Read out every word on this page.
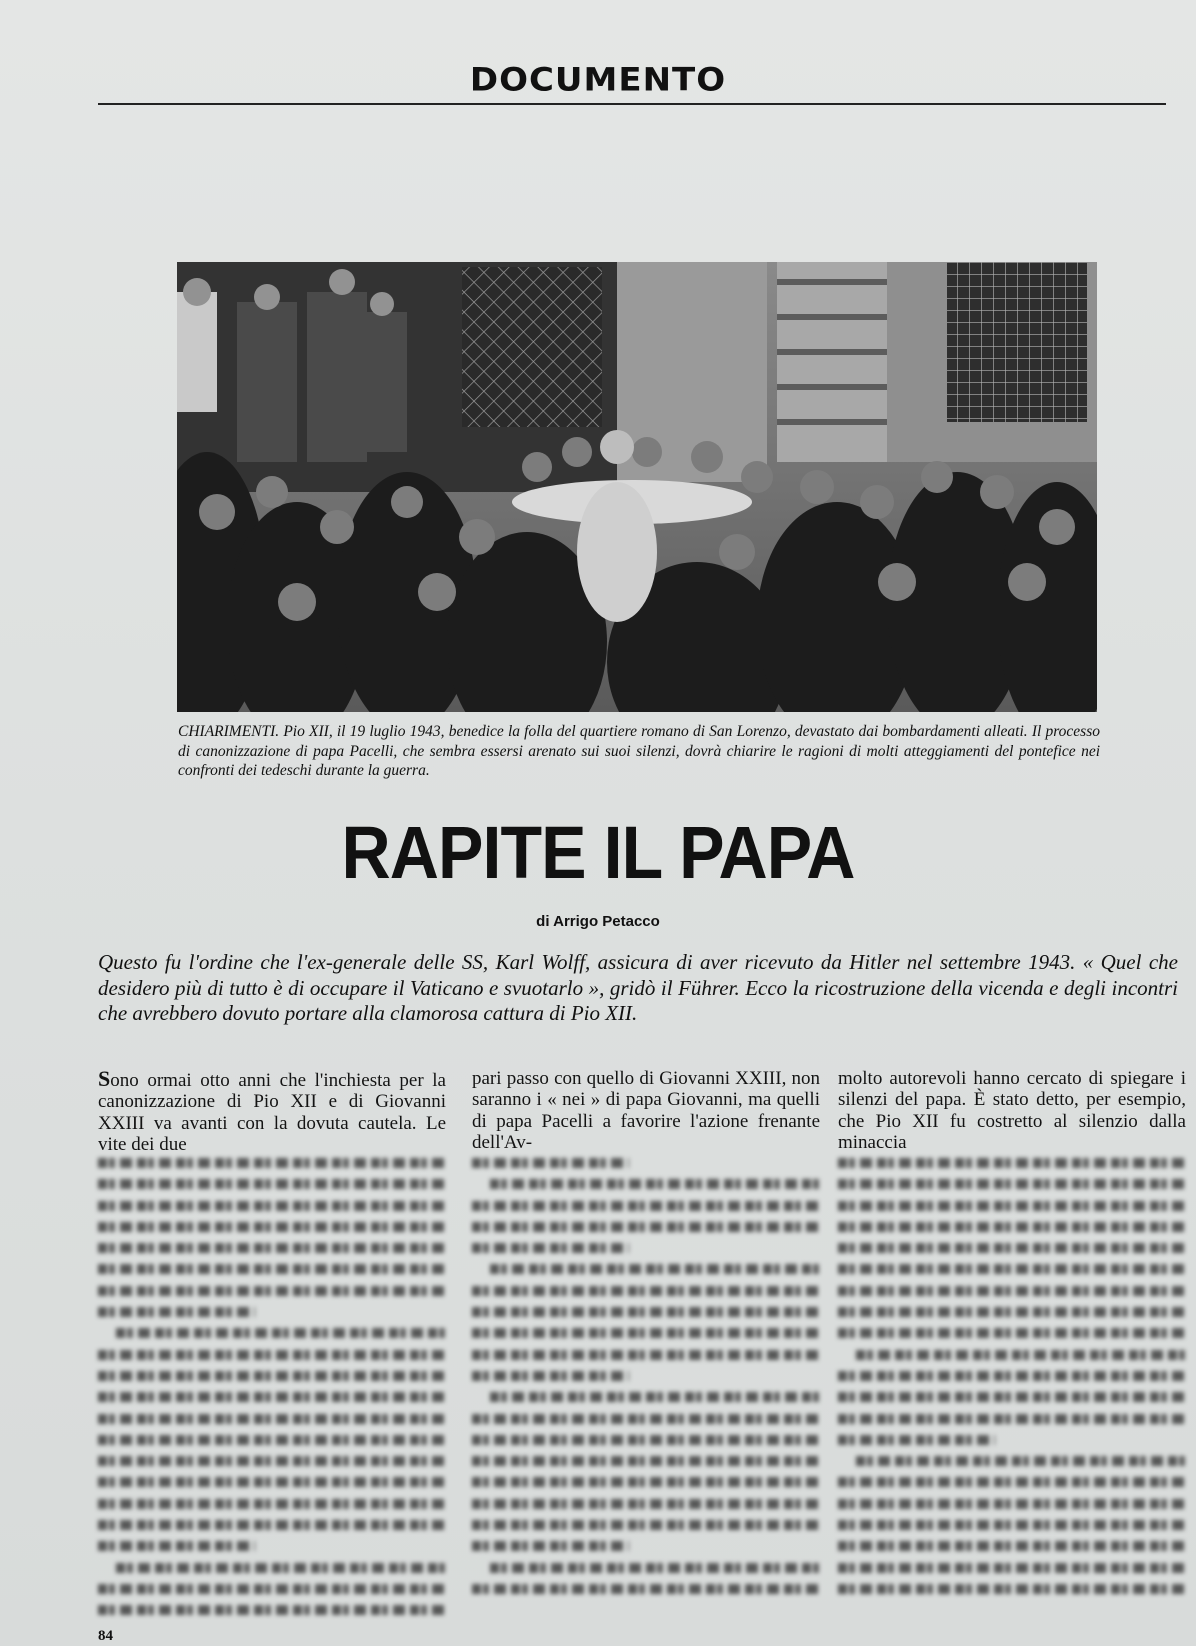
DOCUMENTO
CHIARIMENTI. Pio XII, il 19 luglio 1943, benedice la folla del quartiere romano di San Lorenzo, devastato dai bombardamenti alleati. Il processo di canonizzazione di papa Pacelli, che sembra essersi arenato sui suoi silenzi, dovrà chiarire le ragioni di molti atteggiamenti del pontefice nei confronti dei tedeschi durante la guerra.
RAPITE IL PAPA
di Arrigo Petacco
Questo fu l'ordine che l'ex-generale delle SS, Karl Wolff, assicura di aver ricevuto da Hitler nel settembre 1943. « Quel che desidero più di tutto è di occupare il Vaticano e svuotarlo », gridò il Führer. Ecco la ricostruzione della vicenda e degli incontri che avrebbero dovuto portare alla clamorosa cattura di Pio XII.
Sono ormai otto anni che l'inchiesta per la canonizzazione di Pio XII e di Giovanni XXIII va avanti con la dovuta cautela. Le vite dei due
pari passo con quello di Giovanni XXIII, non saranno i « nei » di papa Giovanni, ma quelli di papa Pacelli a favorire l'azione frenante dell'Av-
molto autorevoli hanno cercato di spiegare i silenzi del papa. È stato detto, per esempio, che Pio XII fu costretto al silenzio dalla minaccia
84
